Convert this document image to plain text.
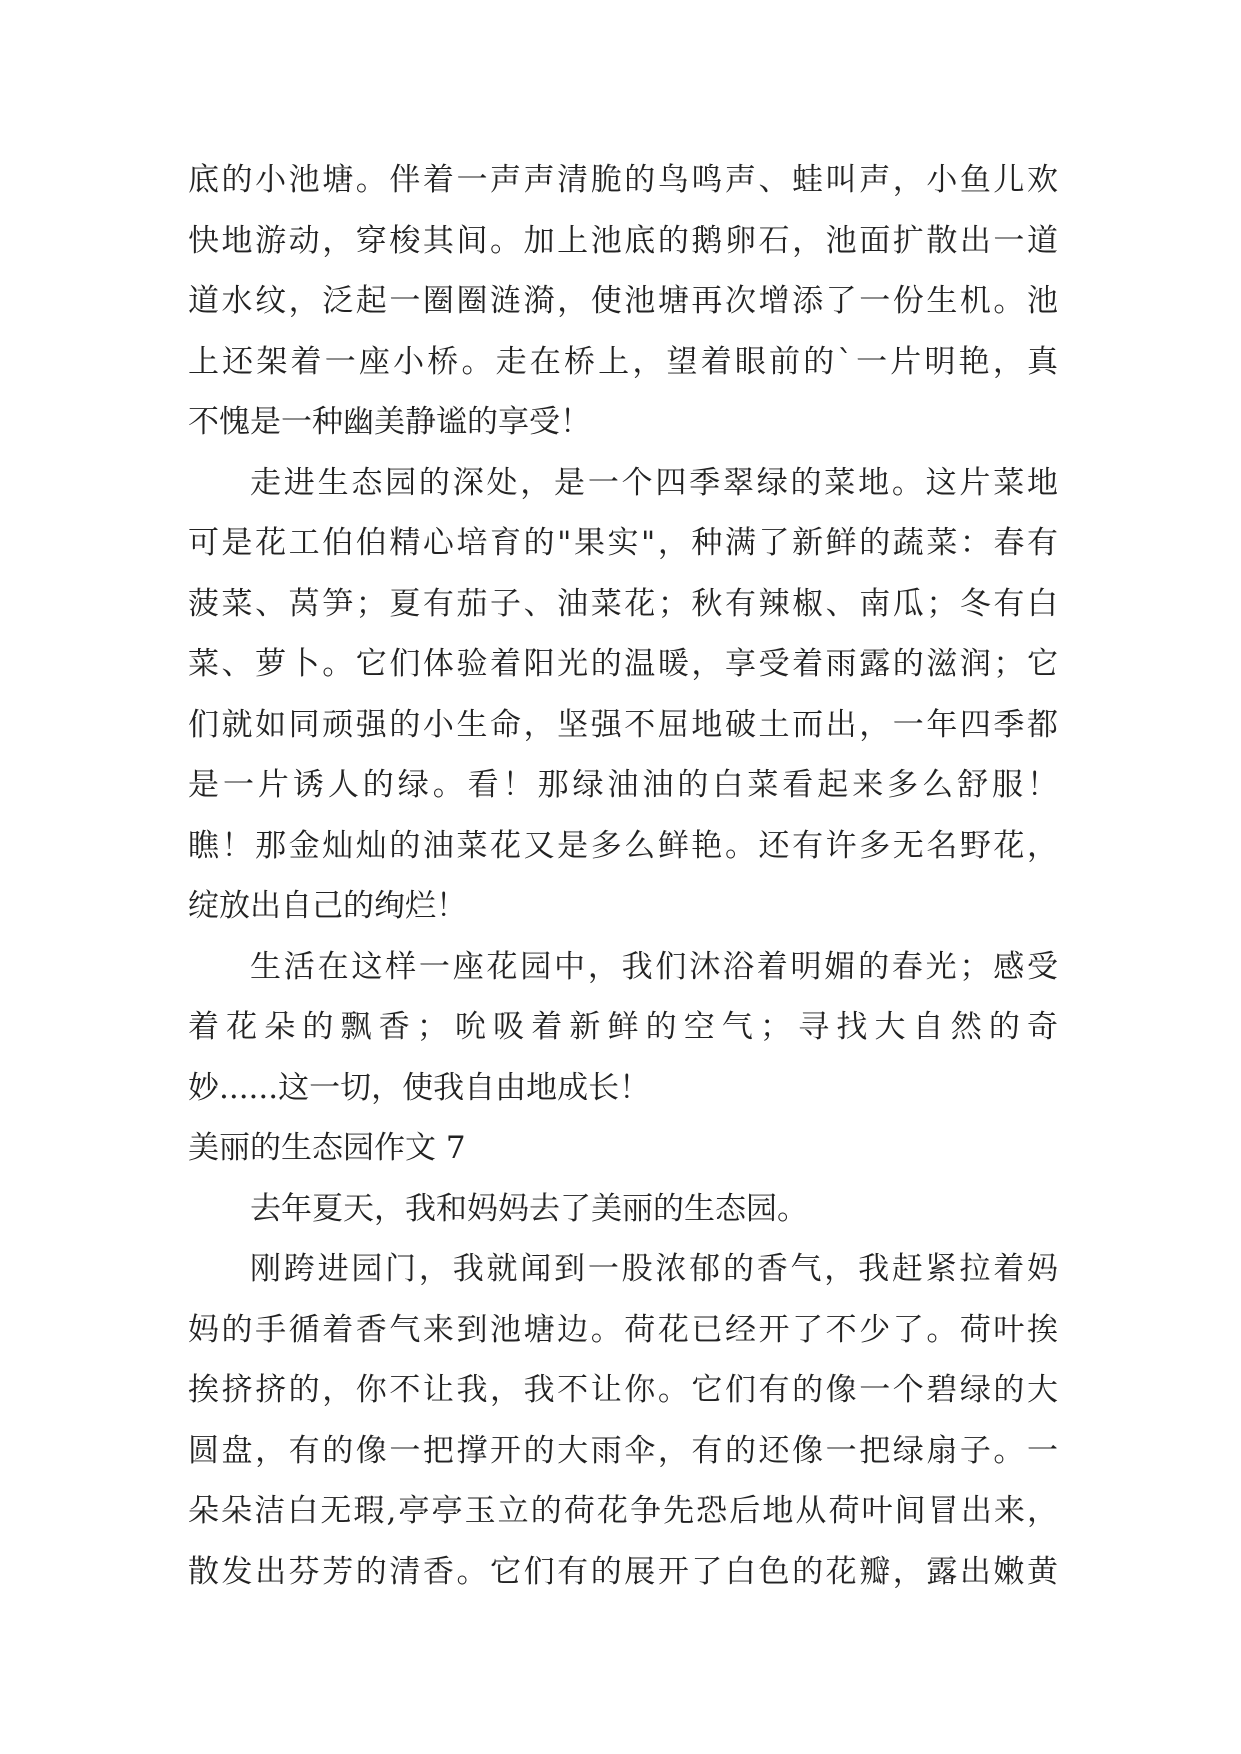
底的小池塘。伴着一声声清脆的鸟鸣声、蛙叫声，小鱼儿欢
快地游动，穿梭其间。加上池底的鹅卵石，池面扩散出一道
道水纹，泛起一圈圈涟漪，使池塘再次增添了一份生机。池
上还架着一座小桥。走在桥上，望着眼前的`一片明艳，真
不愧是一种幽美静谧的享受！
走进生态园的深处，是一个四季翠绿的菜地。这片菜地
可是花工伯伯精心培育的"果实"，种满了新鲜的蔬菜：春有
菠菜、莴笋；夏有茄子、油菜花；秋有辣椒、南瓜；冬有白
菜、萝卜。它们体验着阳光的温暖，享受着雨露的滋润；它
们就如同顽强的小生命，坚强不屈地破土而出，一年四季都
是一片诱人的绿。看！那绿油油的白菜看起来多么舒服！
瞧！那金灿灿的油菜花又是多么鲜艳。还有许多无名野花，
绽放出自己的绚烂！
生活在这样一座花园中，我们沐浴着明媚的春光；感受
着花朵的飘香；吮吸着新鲜的空气；寻找大自然的奇
妙......这一切，使我自由地成长！
美丽的生态园作文 7
去年夏天，我和妈妈去了美丽的生态园。
刚跨进园门，我就闻到一股浓郁的香气，我赶紧拉着妈
妈的手循着香气来到池塘边。荷花已经开了不少了。荷叶挨
挨挤挤的，你不让我，我不让你。它们有的像一个碧绿的大
圆盘，有的像一把撑开的大雨伞，有的还像一把绿扇子。一
朵朵洁白无瑕,亭亭玉立的荷花争先恐后地从荷叶间冒出来，
散发出芬芳的清香。它们有的展开了白色的花瓣，露出嫩黄
